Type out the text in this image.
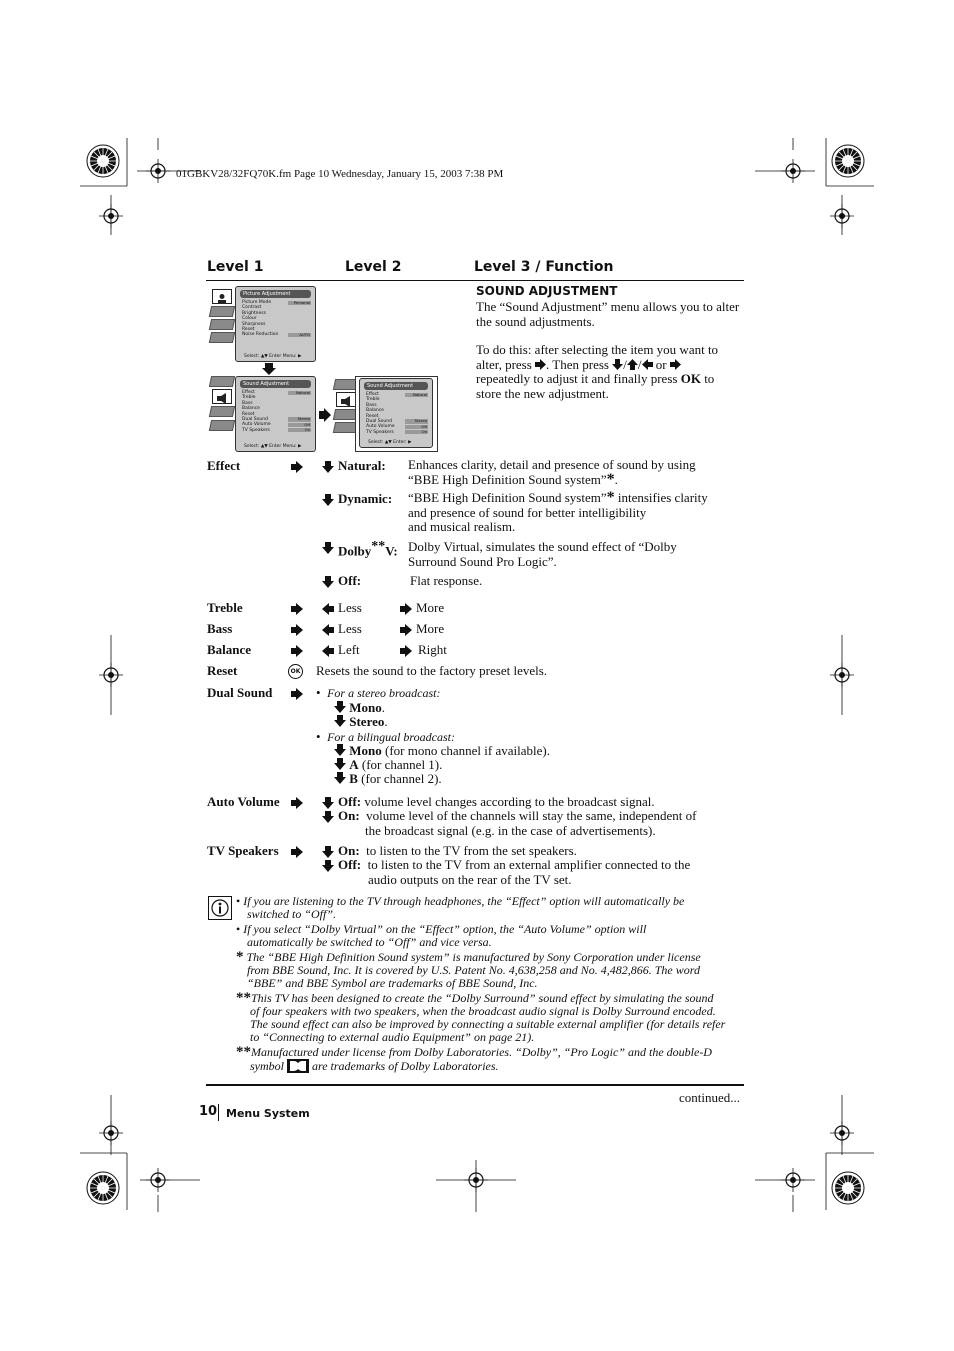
01GBKV28/32FQ70K.fm Page 10 Wednesday, January 15, 2003 7:38 PM
Level 1	Level 2	Level 3 / Function
Picture Adjustment
Picture Mode	Personal
Contrast
Brightness
Colour
Sharpness
Reset
Noise Reduction	AUTO
Select: ▲▼ Enter Menu: ▶
Sound Adjustment
Effect	Natural
Treble
Bass
Balance
Reset
Dual Sound	Stereo
Auto Volume	Off
TV Speakers	On
Select: ▲▼ Enter Menu: ▶
Sound Adjustment
Effect	Natural
Treble
Bass
Balance
Reset
Dual Sound	Stereo
Auto Volume	Off
TV Speakers	On
Select: ▲▼ Enter: ▶
SOUND ADJUSTMENT
The “Sound Adjustment” menu allows you to alter the sound adjustments.
To do this: after selecting the item you want to
alter, press . Then press / / or
repeatedly to adjust it and finally press OK to
store the new adjustment.
Effect	Natural: Enhances clarity, detail and presence of sound by using
“BBE High Definition Sound system”*.
Dynamic: “BBE High Definition Sound system”* intensifies clarity
and presence of sound for better intelligibility
and musical realism.
Dolby**V: Dolby Virtual, simulates the sound effect of “Dolby
Surround Sound Pro Logic”.
Off:	Flat response.
Treble	Less	More
Bass	Less	More
Balance	Left	Right
Reset	OK Resets the sound to the factory preset levels.
Dual Sound	•  For a stereo broadcast:
Mono.
Stereo.
•  For a bilingual broadcast:
Mono (for mono channel if available).
A (for channel 1).
B (for channel 2).
Auto Volume	Off: volume level changes according to the broadcast signal.
On: volume level of the channels will stay the same, independent of
the broadcast signal (e.g. in the case of advertisements).
TV Speakers	On: to listen to the TV from the set speakers.
Off: to listen to the TV from an external amplifier connected to the
audio outputs on the rear of the TV set.
• If you are listening to the TV through headphones, the “Effect” option will automatically be
switched to “Off”.
• If you select “Dolby Virtual” on the “Effect” option, the “Auto Volume” option will
automatically be switched to “Off” and vice versa.
* The “BBE High Definition Sound system” is manufactured by Sony Corporation under license
from BBE Sound, Inc. It is covered by U.S. Patent No. 4,638,258 and No. 4,482,866. The word
“BBE” and BBE Symbol are trademarks of BBE Sound, Inc.
**This TV has been designed to create the “Dolby Surround” sound effect by simulating the sound
of four speakers with two speakers, when the broadcast audio signal is Dolby Surround encoded.
The sound effect can also be improved by connecting a suitable external amplifier (for details refer
to “Connecting to external audio Equipment” on page 21).
**Manufactured under license from Dolby Laboratories. “Dolby”, “Pro Logic” and the double-D
symbol are trademarks of Dolby Laboratories.
continued...
10 Menu System
